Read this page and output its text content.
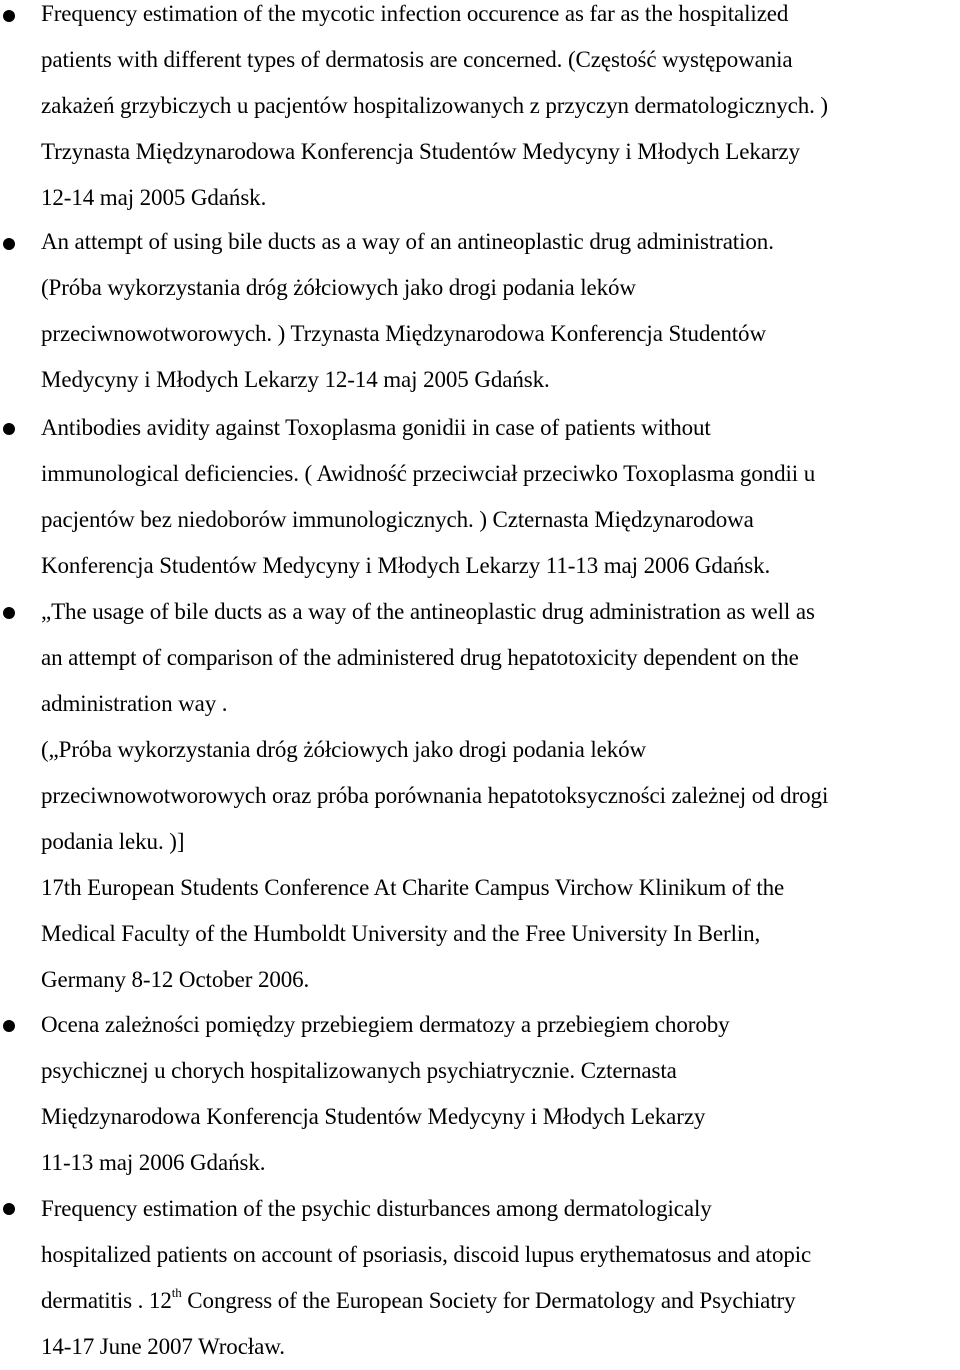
Frequency estimation of the mycotic infection occurence as far as the hospitalized
patients with different types of dermatosis are concerned. (Częstość występowania
zakażeń grzybiczych u pacjentów hospitalizowanych z przyczyn dermatologicznych. )
Trzynasta Międzynarodowa Konferencja Studentów Medycyny i Młodych Lekarzy
12-14 maj 2005 Gdańsk.
An attempt of using bile ducts as a way of an antineoplastic drug administration.
(Próba wykorzystania dróg żółciowych jako drogi podania leków
przeciwnowotworowych. ) Trzynasta Międzynarodowa Konferencja Studentów
Medycyny i Młodych Lekarzy 12-14 maj 2005 Gdańsk.
Antibodies avidity against Toxoplasma gonidii in case of patients without
immunological deficiencies. ( Awidność przeciwciał przeciwko Toxoplasma gondii u
pacjentów bez niedoborów immunologicznych. ) Czternasta Międzynarodowa
Konferencja Studentów Medycyny i Młodych Lekarzy 11-13 maj 2006 Gdańsk.
„The usage of bile ducts as a way of the antineoplastic drug administration as well as
an attempt of comparison of the administered drug hepatotoxicity dependent on the
administration way .
(„Próba wykorzystania dróg żółciowych jako drogi podania leków
przeciwnowotworowych oraz próba porównania hepatotoksyczności zależnej od drogi
podania leku. )]
17th European Students Conference At Charite Campus Virchow Klinikum of the
Medical Faculty of the Humboldt University and the Free University In Berlin,
Germany 8-12 October 2006.
Ocena zależności pomiędzy przebiegiem dermatozy a przebiegiem choroby
psychicznej u chorych hospitalizowanych psychiatrycznie. Czternasta
Międzynarodowa Konferencja Studentów Medycyny i Młodych Lekarzy
11-13 maj 2006 Gdańsk.
Frequency estimation of the psychic disturbances among dermatologicaly
hospitalized patients on account of psoriasis, discoid lupus erythematosus and atopic
dermatitis . 12th Congress of the European Society for Dermatology and Psychiatry
14-17 June 2007 Wrocław.
